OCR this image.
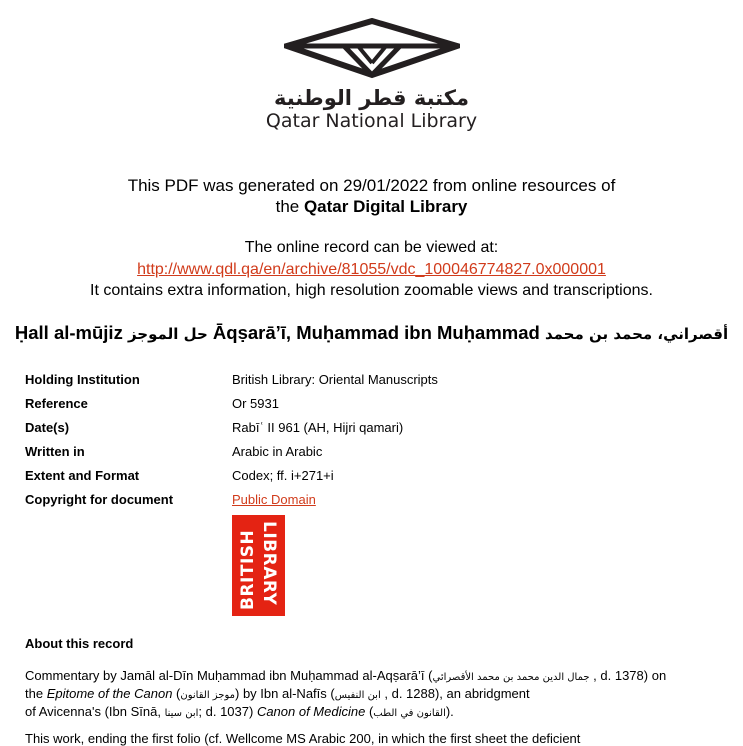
مكتبة قطر الوطنية
Qatar National Library
This PDF was generated on 29/01/2022 from online resources of
the Qatar Digital Library
The online record can be viewed at:
http://www.qdl.qa/en/archive/81055/vdc_100046774827.0x000001
It contains extra information, high resolution zoomable views and transcriptions.
Ḥall al-mūjiz حل الموجز Āqṣarā’ī, Muḥammad ibn Muḥammad أقصراني، محمد بن محمد
Holding Institution	British Library: Oriental Manuscripts
Reference	Or 5931
Date(s)	Rabīʿ II 961 (AH, Hijri qamari)
Written in	Arabic in Arabic
Extent and Format	Codex; ff. i+271+i
Copyright for document	Public Domain
BRITISH LIBRARY
About this record
Commentary by Jamāl al-Dīn Muḥammad ibn Muḥammad al-Aqṣarā’ī (جمال الدين محمد بن محمد الأقصرائي , d. 1378) on
the Epitome of the Canon (موجز القانون) by Ibn al-Nafīs (ابن النفيس , d. 1288), an abridgment
of Avicenna's (Ibn Sīnā, ابن سينا; d. 1037) Canon of Medicine (القانون في الطب).
This work, ending the first folio (cf. Wellcome MS Arabic 200, in which the first sheet the deficient
